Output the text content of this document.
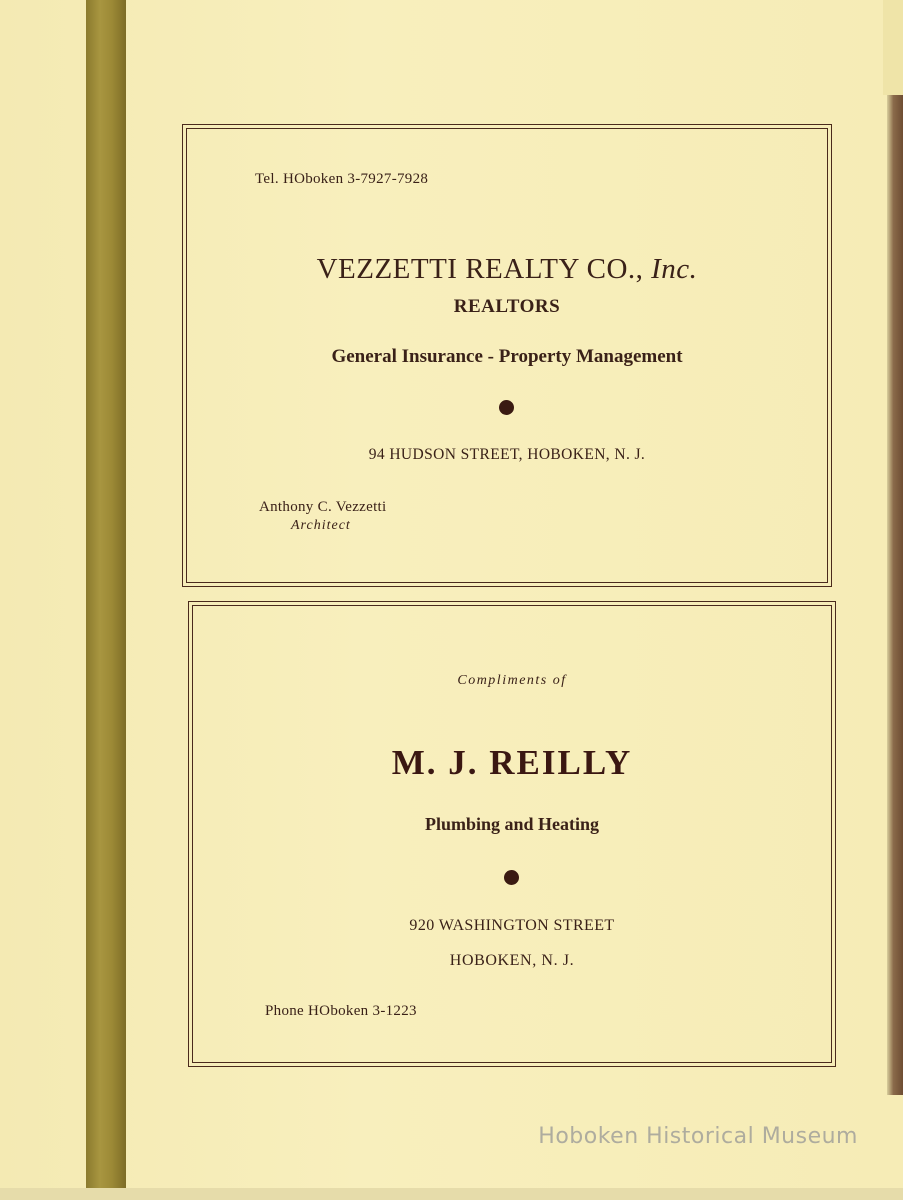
Tel. HOboken 3-7927-7928
VEZZETTI REALTY CO., Inc.
REALTORS
General Insurance - Property Management
94 HUDSON STREET, HOBOKEN, N. J.
Anthony C. Vezzetti
Architect
Compliments of
M. J. REILLY
Plumbing and Heating
920 WASHINGTON STREET
HOBOKEN, N. J.
Phone HOboken 3-1223
Hoboken Historical Museum
